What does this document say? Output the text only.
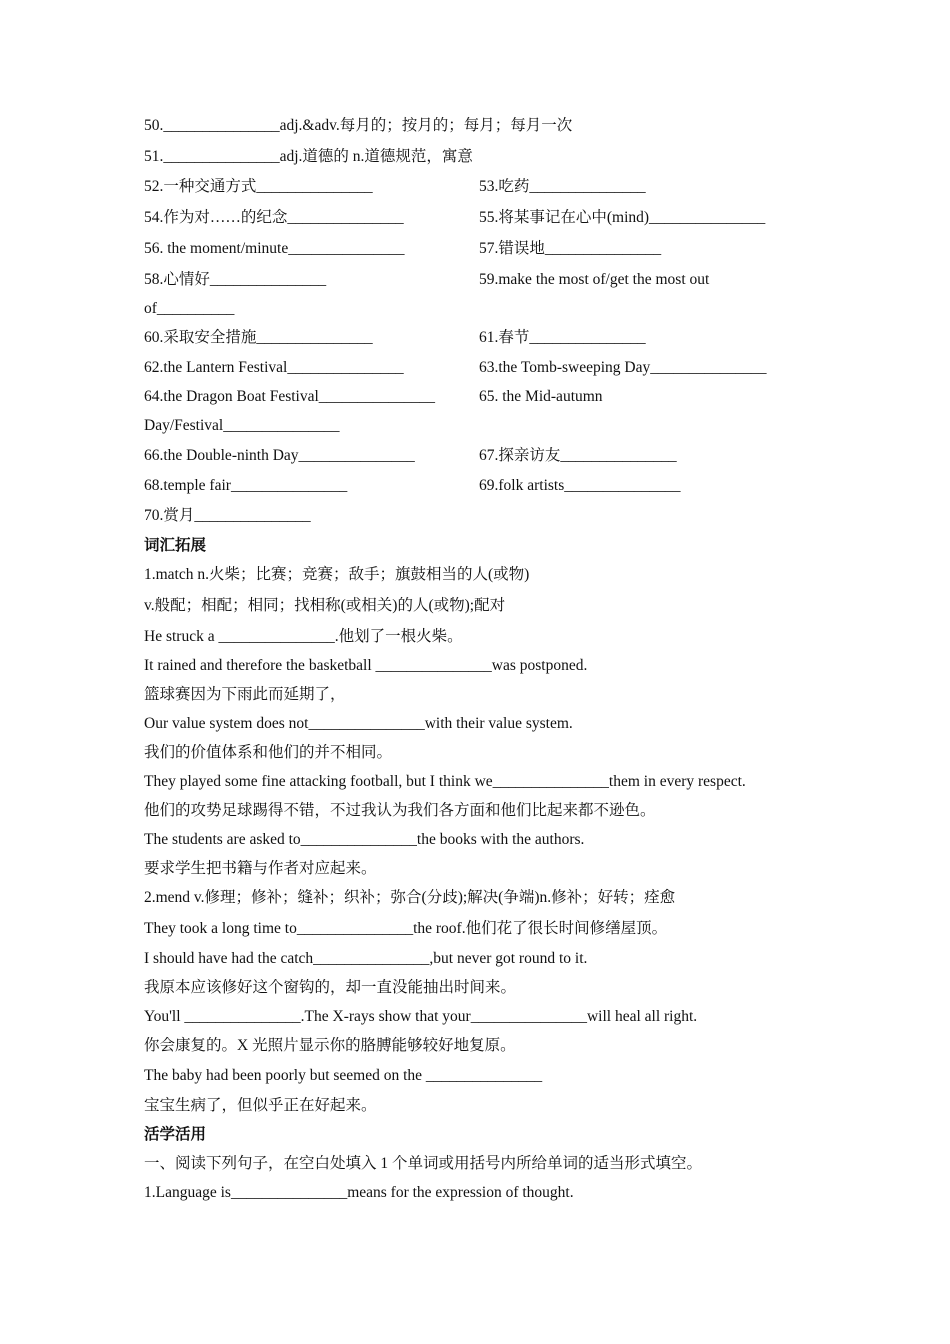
50._______________adj.&adv.每月的；按月的；每月；每月一次
51._______________adj.道德的 n.道德规范，寓意
52.一种交通方式_______________	53.吃药_______________
54.作为对……的纪念_______________	55.将某事记在心中(mind)_______________
56. the moment/minute_______________	57.错误地_______________
58.心情好_______________	59.make the most of/get the most out
of__________
60.采取安全措施_______________	61.春节_______________
62.the Lantern Festival_______________	63.the Tomb-sweeping Day_______________
64.the Dragon Boat Festival_______________	65. the Mid-autumn
Day/Festival_______________
66.the Double-ninth Day_______________	67.探亲访友_______________
68.temple fair_______________	69.folk artists_______________
70.赏月_______________
词汇拓展
1.match n.火柴；比赛；竞赛；敌手；旗鼓相当的人(或物)
v.般配；相配；相同；找相称(或相关)的人(或物);配对
He struck a _______________.他划了一根火柴。
It rained and therefore the basketball _______________was postponed.
篮球赛因为下雨此而延期了，
Our value system does not_______________with their value system.
我们的价值体系和他们的并不相同。
They played some fine attacking football, but I think we_______________them in every respect.
他们的攻势足球踢得不错，不过我认为我们各方面和他们比起来都不逊色。
The students are asked to_______________the books with the authors.
要求学生把书籍与作者对应起来。
2.mend v.修理；修补；缝补；织补；弥合(分歧);解决(争端)n.修补；好转；痊愈
They took a long time to_______________the roof.他们花了很长时间修缮屋顶。
I should have had the catch_______________,but never got round to it.
我原本应该修好这个窗钩的，却一直没能抽出时间来。
You'll _______________.The X-rays show that your_______________will heal all right.
你会康复的。X 光照片显示你的胳膊能够较好地复原。
The baby had been poorly but seemed on the _______________
宝宝生病了，但似乎正在好起来。
活学活用
一、阅读下列句子，在空白处填入 1 个单词或用括号内所给单词的适当形式填空。
1.Language is_______________means for the expression of thought.
